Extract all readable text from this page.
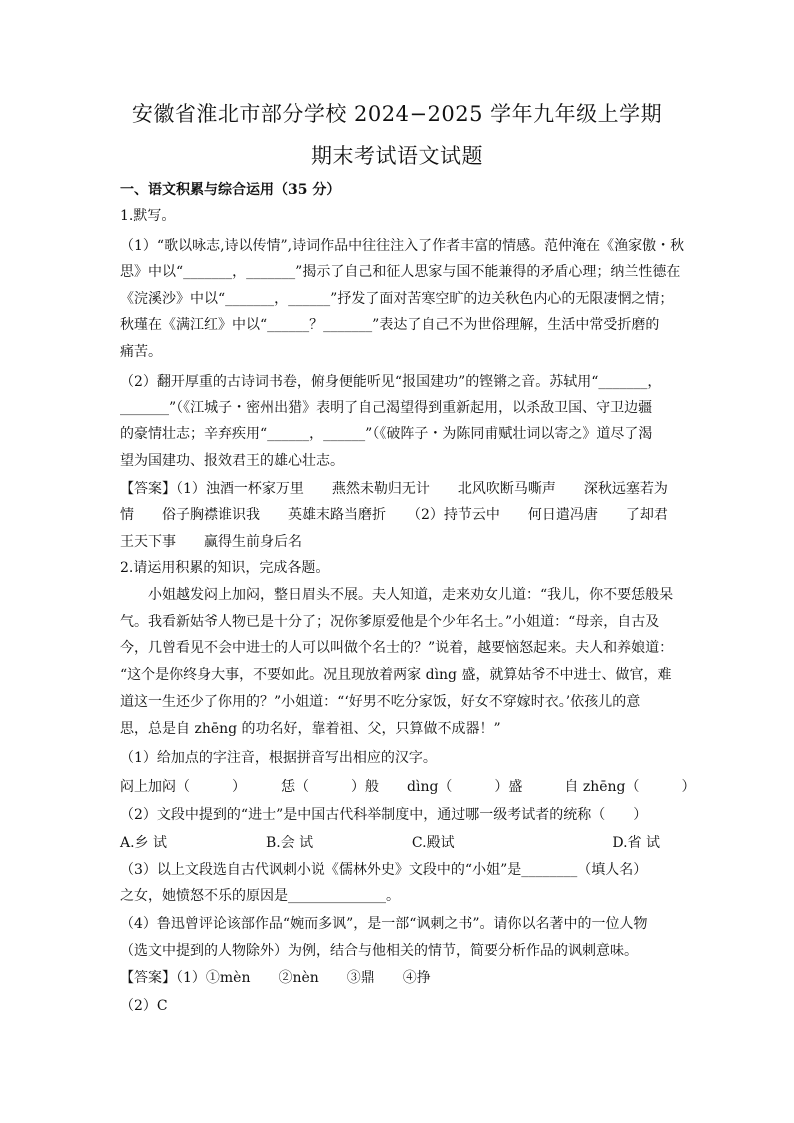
安徽省淮北市部分学校 2024−2025 学年九年级上学期
期末考试语文试题
一、语文积累与综合运用（35 分）
1.默写。
（1）“歌以咏志,诗以传情”,诗词作品中往往注入了作者丰富的情感。范仲淹在《渔家傲・秋
思》中以“_______，_______”揭示了自己和征人思家与国不能兼得的矛盾心理；纳兰性德在
《浣溪沙》中以“_______，______”抒发了面对苦寒空旷的边关秋色内心的无限凄惘之情；
秋瑾在《满江红》中以“______？_______”表达了自己不为世俗理解，生活中常受折磨的
痛苦。
（2）翻开厚重的古诗词书卷，俯身便能听见“报国建功”的铿锵之音。苏轼用“_______，
_______”（《江城子・密州出猎》表明了自己渴望得到重新起用，以杀敌卫国、守卫边疆
的豪情壮志；辛弃疾用“______，______”（《破阵子・为陈同甫赋壮词以寄之》道尽了渴
望为国建功、报效君王的雄心壮志。
【答案】（1）浊酒一杯家万里　　燕然未勒归无计　　北风吹断马嘶声　　深秋远塞若为
情　　俗子胸襟谁识我　　英雄末路当磨折　　（2）持节云中　　何日遣冯唐　　了却君
王天下事　　赢得生前身后名
2.请运用积累的知识，完成各题。
　　小姐越发闷上加闷，整日眉头不展。夫人知道，走来劝女儿道：“我儿，你不要恁般呆
气。我看新姑爷人物已是十分了；况你爹原爱他是个少年名士。”小姐道：“母亲，自古及
今，几曾看见不会中进士的人可以叫做个名士的？”说着，越要恼怒起来。夫人和养娘道：
“这个是你终身大事，不要如此。况且现放着两家 dìng 盛，就算姑爷不中进士、做官，难
道这一生还少了你用的？”小姐道：“‘好男不吃分家饭，好女不穿嫁时衣。’依孩儿的意
思，总是自 zhēng 的功名好，靠着祖、父，只算做不成器！”
（1）给加点的字注音，根据拼音写出相应的汉字。
闷上加闷（　　　）　　　恁（　　　）般　　dìng（　　　）盛　　　自 zhēng（　　　）
（2）文段中提到的“进士”是中国古代科举制度中，通过哪一级考试者的统称（　　）
A.乡 试	B.会 试	C.殿试	D.省 试
（3）以上文段选自古代讽刺小说《儒林外史》文段中的“小姐”是________（填人名）
之女，她愤怒不乐的原因是______________。
（4）鲁迅曾评论该部作品“婉而多讽”，是一部“讽刺之书”。请你以名著中的一位人物
（选文中提到的人物除外）为例，结合与他相关的情节，简要分析作品的讽刺意味。
【答案】（1）①mèn　　②nèn　　③鼎　　④挣
（2）C
